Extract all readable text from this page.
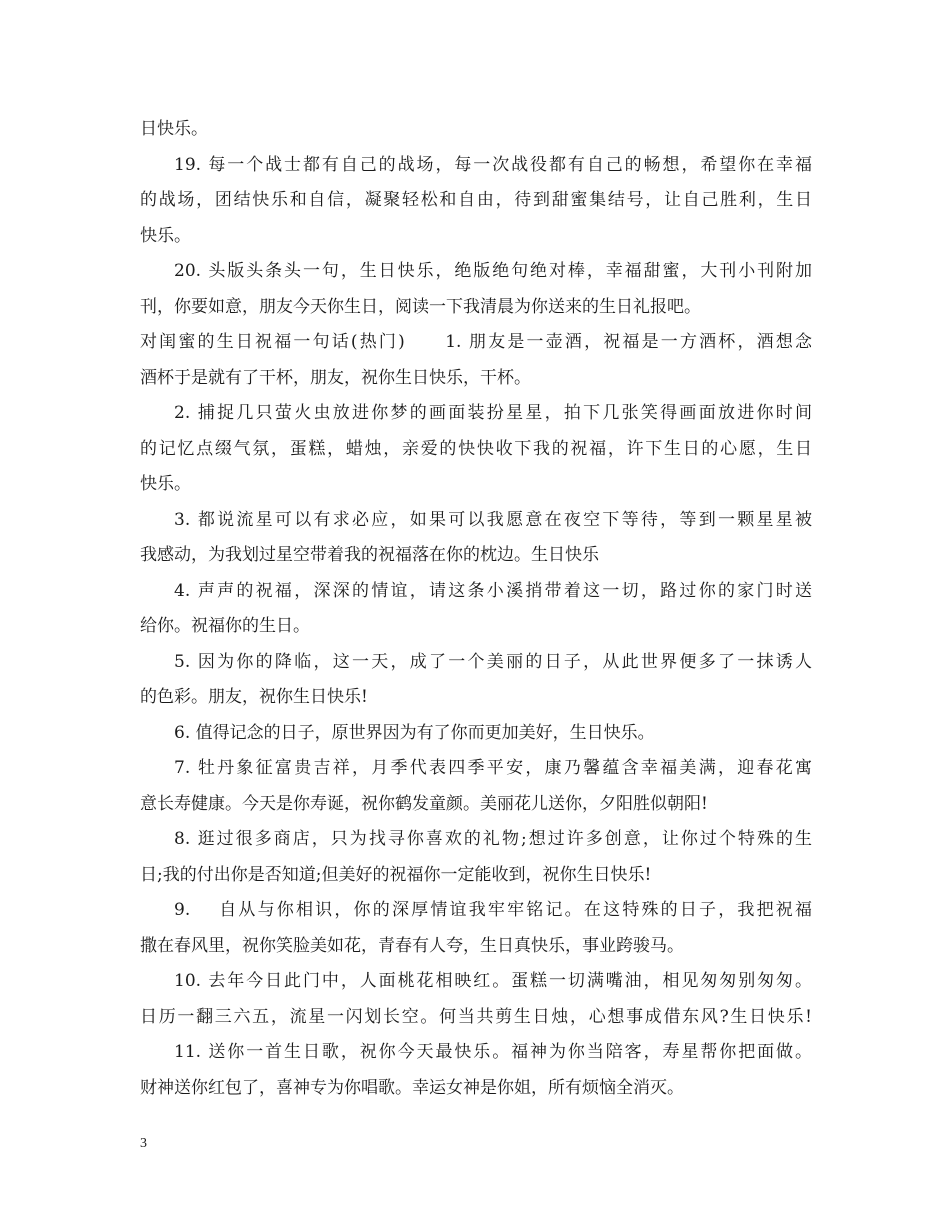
日快乐。
19. 每一个战士都有自己的战场，每一次战役都有自己的畅想，希望你在幸福
的战场，团结快乐和自信，凝聚轻松和自由，待到甜蜜集结号，让自己胜利，生日
快乐。
20. 头版头条头一句，生日快乐，绝版绝句绝对棒，幸福甜蜜，大刊小刊附加
刊，你要如意，朋友今天你生日，阅读一下我清晨为你送来的生日礼报吧。
对闺蜜的生日祝福一句话(热门)　　1. 朋友是一壶酒，祝福是一方酒杯，酒想念
酒杯于是就有了干杯，朋友，祝你生日快乐，干杯。
2. 捕捉几只萤火虫放进你梦的画面装扮星星，拍下几张笑得画面放进你时间
的记忆点缀气氛，蛋糕，蜡烛，亲爱的快快收下我的祝福，许下生日的心愿，生日
快乐。
3. 都说流星可以有求必应，如果可以我愿意在夜空下等待，等到一颗星星被
我感动，为我划过星空带着我的祝福落在你的枕边。生日快乐
4. 声声的祝福，深深的情谊，请这条小溪捎带着这一切，路过你的家门时送
给你。祝福你的生日。
5. 因为你的降临，这一天，成了一个美丽的日子，从此世界便多了一抹诱人
的色彩。朋友，祝你生日快乐!
6. 值得记念的日子，原世界因为有了你而更加美好，生日快乐。
7. 牡丹象征富贵吉祥，月季代表四季平安，康乃馨蕴含幸福美满，迎春花寓
意长寿健康。今天是你寿诞，祝你鹤发童颜。美丽花儿送你，夕阳胜似朝阳!
8. 逛过很多商店，只为找寻你喜欢的礼物;想过许多创意，让你过个特殊的生
日;我的付出你是否知道;但美好的祝福你一定能收到，祝你生日快乐!
9.　 自从与你相识，你的深厚情谊我牢牢铭记。在这特殊的日子，我把祝福
撒在春风里，祝你笑脸美如花，青春有人夸，生日真快乐，事业跨骏马。
10. 去年今日此门中，人面桃花相映红。蛋糕一切满嘴油，相见匆匆别匆匆。
日历一翻三六五，流星一闪划长空。何当共剪生日烛，心想事成借东风?生日快乐!
11. 送你一首生日歌，祝你今天最快乐。福神为你当陪客，寿星帮你把面做。
财神送你红包了，喜神专为你唱歌。幸运女神是你姐，所有烦恼全消灭。
3
